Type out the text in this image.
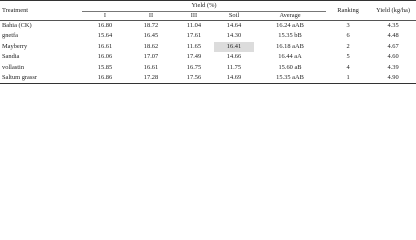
Treatment	Yield (%)					Ranking	Yield (kg/ha)
	I	II	III	Soil	Average		
Bahia (CK)	16.80	18.72	11.04	14.64	16.24 aAB	3	4.35
gnetfa	15.64	16.45	17.61	14.30	15.35 bB	6	4.48
Mayberry	16.61	18.62	11.65	16.41	16.18 aAB	2	4.67
Sandia	16.06	17.07	17.49	14.66	16.44 aA	5	4.60
vollastin	15.85	16.61	16.75	11.75	15.60 aB	4	4.39
Saltum grassr	16.86	17.28	17.56	14.69	15.35 aAB	1	4.90
